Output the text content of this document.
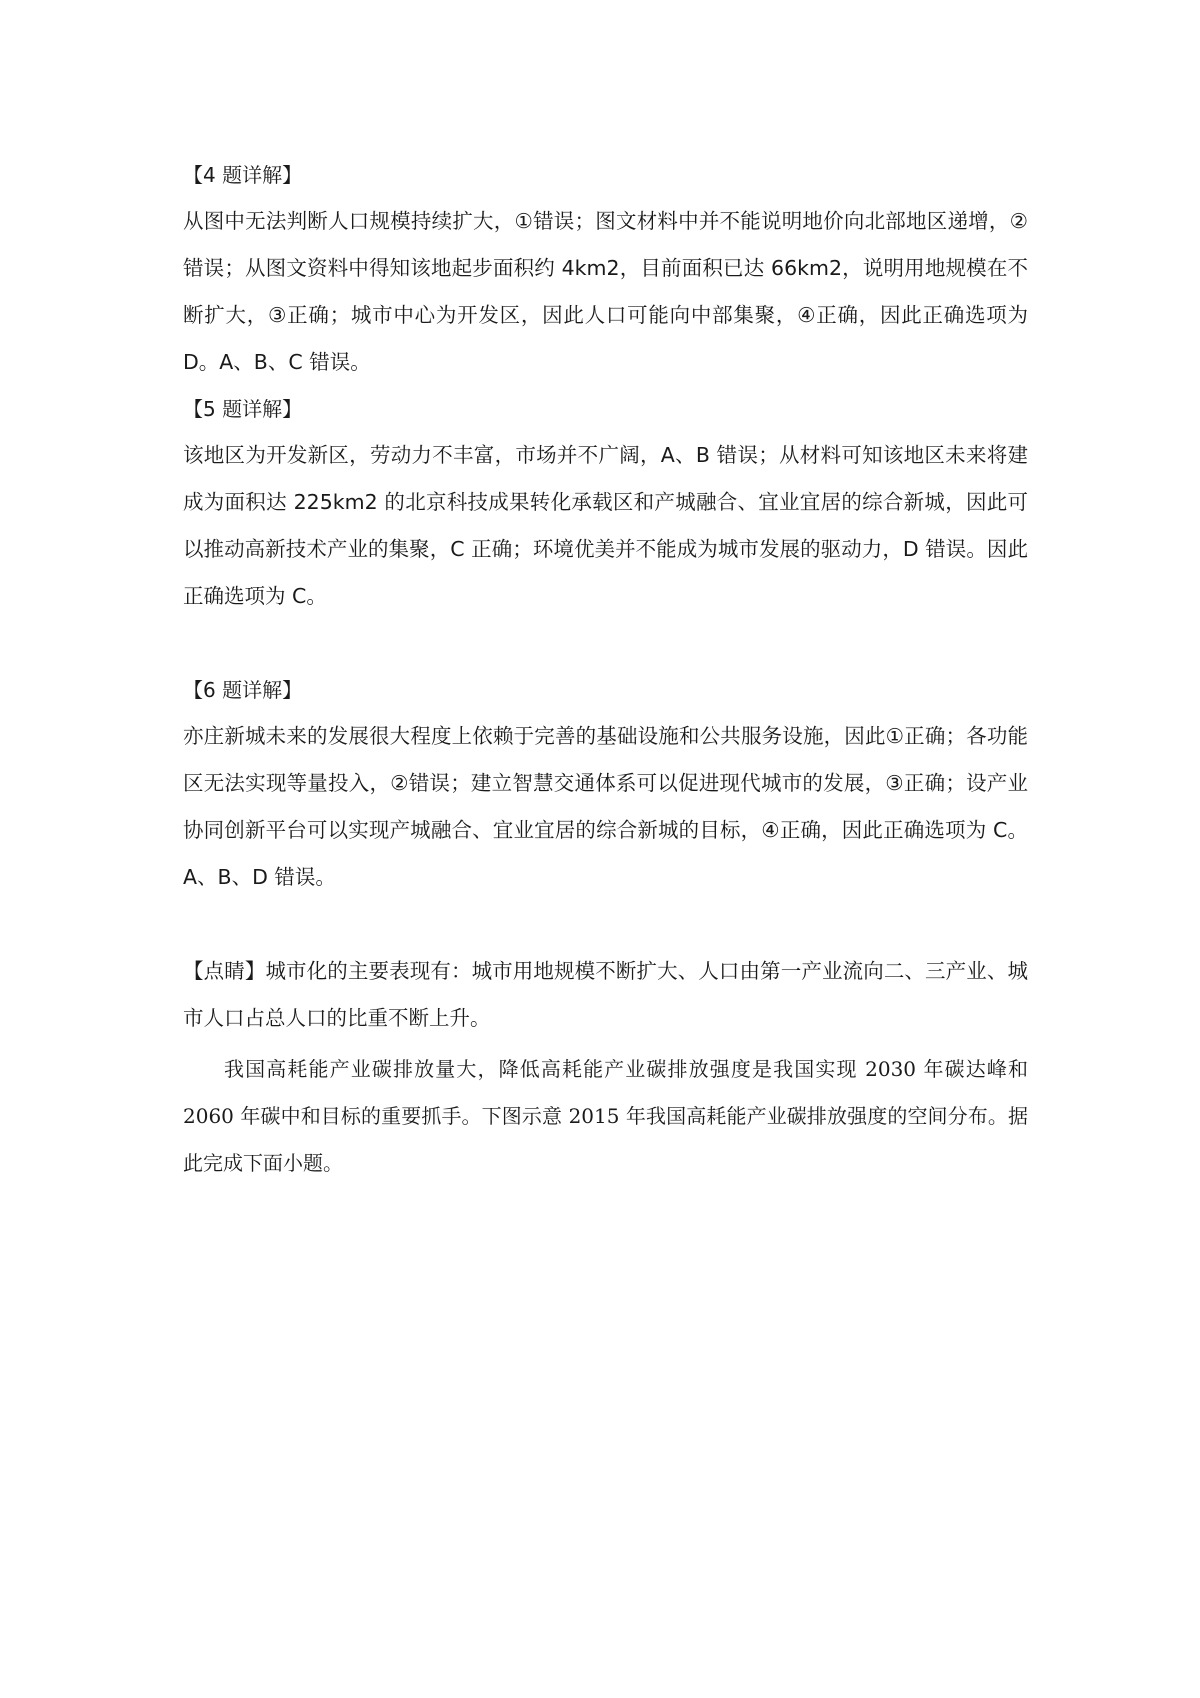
【4 题详解】

从图中无法判断人口规模持续扩大，①错误；图文材料中并不能说明地价向北部地区递增，②错误；从图文资料中得知该地起步面积约 4km2，目前面积已达 66km2，说明用地规模在不断扩大，③正确；城市中心为开发区，因此人口可能向中部集聚，④正确，因此正确选项为 D。A、B、C 错误。

【5 题详解】

该地区为开发新区，劳动力不丰富，市场并不广阔，A、B 错误；从材料可知该地区未来将建成为面积达 225km2 的北京科技成果转化承载区和产城融合、宜业宜居的综合新城，因此可以推动高新技术产业的集聚，C 正确；环境优美并不能成为城市发展的驱动力，D 错误。因此正确选项为 C。

【6 题详解】

亦庄新城未来的发展很大程度上依赖于完善的基础设施和公共服务设施，因此①正确；各功能区无法实现等量投入，②错误；建立智慧交通体系可以促进现代城市的发展，③正确；设产业协同创新平台可以实现产城融合、宜业宜居的综合新城的目标，④正确，因此正确选项为 C。A、B、D 错误。

【点睛】城市化的主要表现有：城市用地规模不断扩大、人口由第一产业流向二、三产业、城市人口占总人口的比重不断上升。

我国高耗能产业碳排放量大，降低高耗能产业碳排放强度是我国实现 2030 年碳达峰和 2060 年碳中和目标的重要抓手。下图示意 2015 年我国高耗能产业碳排放强度的空间分布。据此完成下面小题。
